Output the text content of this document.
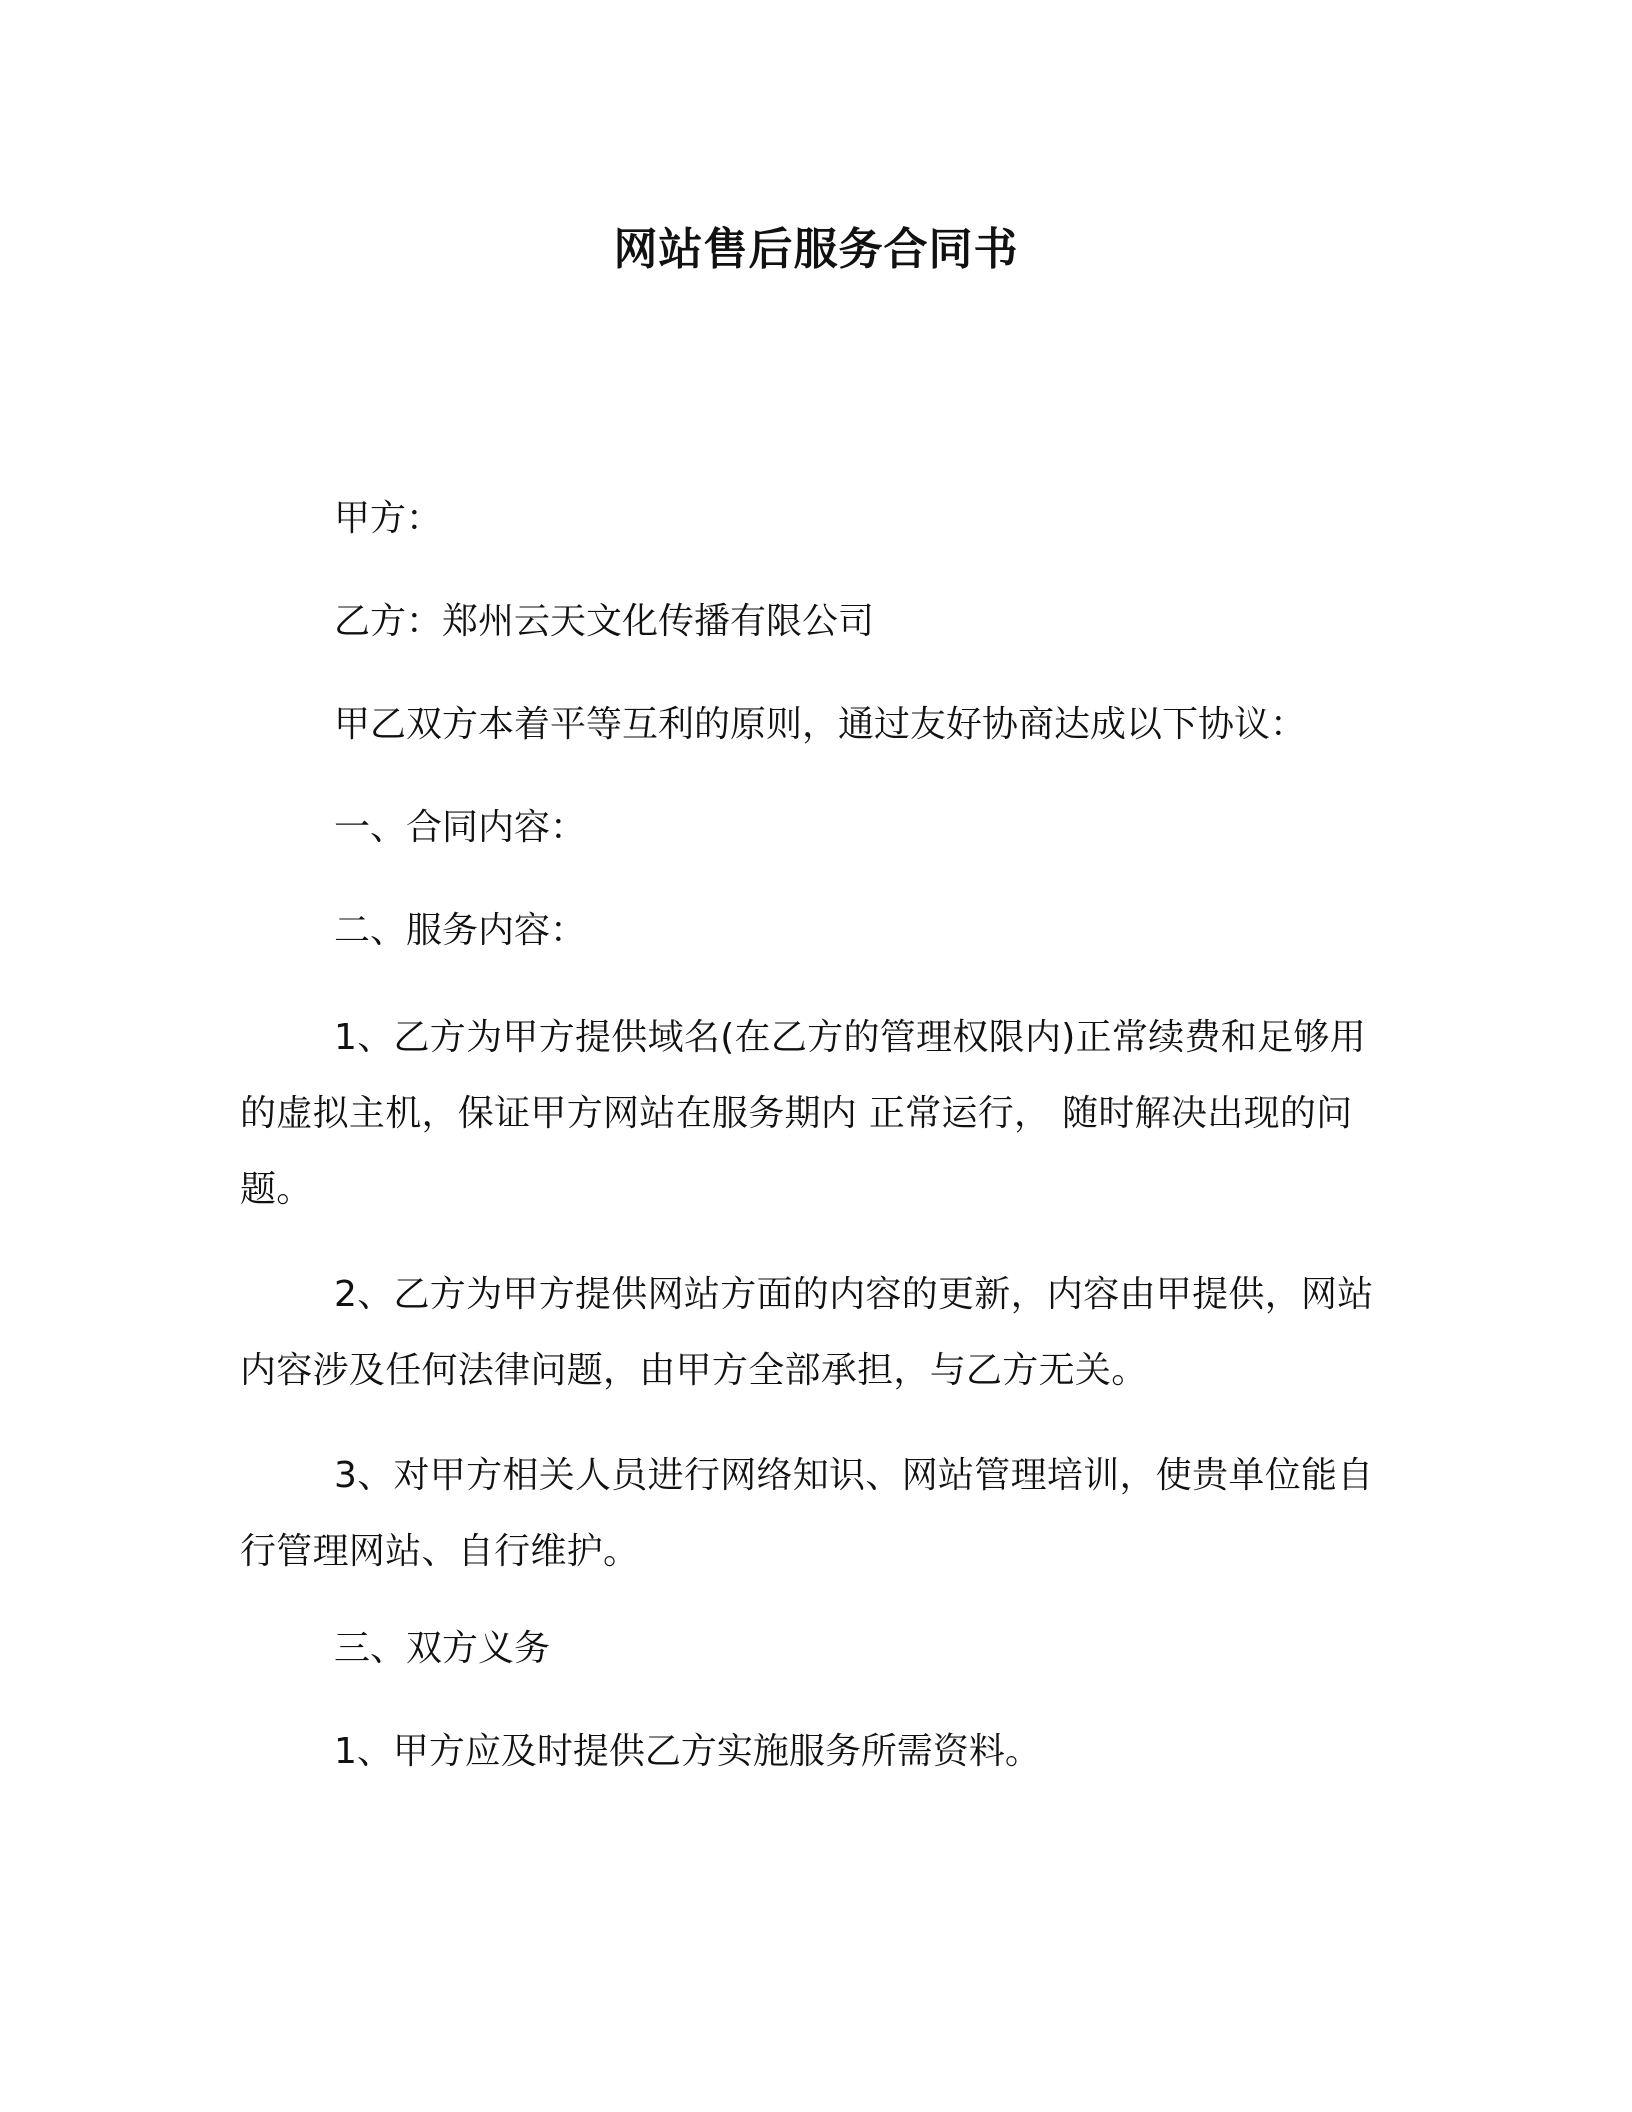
网站售后服务合同书
甲方：
乙方：郑州云天文化传播有限公司
甲乙双方本着平等互利的原则，通过友好协商达成以下协议：
一、合同内容：
二、服务内容：
1、乙方为甲方提供域名(在乙方的管理权限内)正常续费和足够用的虚拟主机，保证甲方网站在服务期内 正常运行， 随时解决出现的问题。
2、乙方为甲方提供网站方面的内容的更新，内容由甲提供，网站内容涉及任何法律问题，由甲方全部承担，与乙方无关。
3、对甲方相关人员进行网络知识、网站管理培训，使贵单位能自行管理网站、自行维护。
三、双方义务
1、甲方应及时提供乙方实施服务所需资料。
